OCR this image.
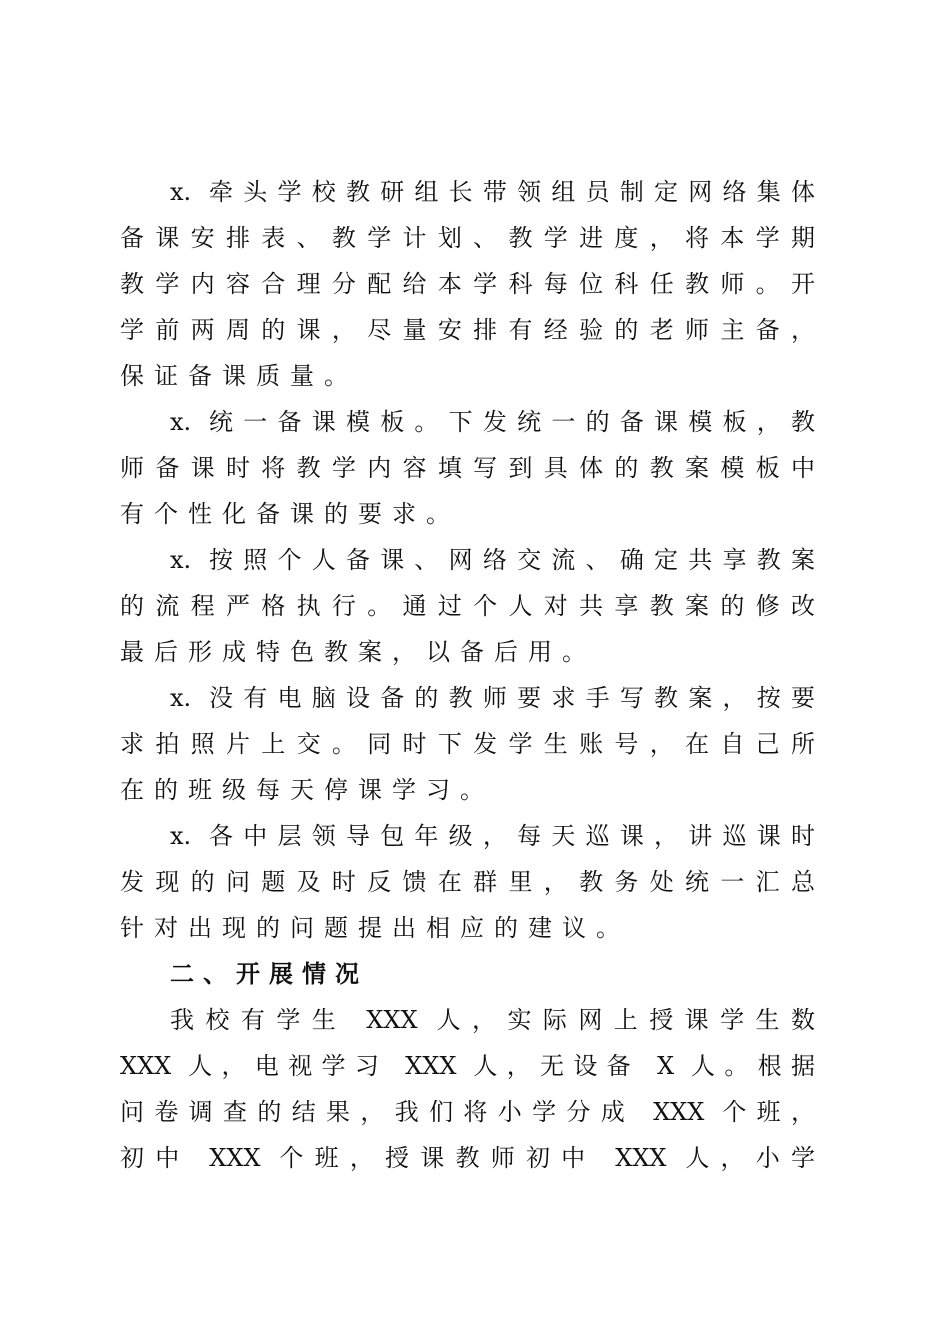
x. 牵头学校教研组长带领组员制定网络集体
备课安排表、教学计划、教学进度，将本学期
教学内容合理分配给本学科每位科任教师。开
学前两周的课，尽量安排有经验的老师主备，
保证备课质量。
x. 统一备课模板。下发统一的备课模板，教
师备课时将教学内容填写到具体的教案模板中
有个性化备课的要求。
x. 按照个人备课、网络交流、确定共享教案
的流程严格执行。通过个人对共享教案的修改
最后形成特色教案，以备后用。
x. 没有电脑设备的教师要求手写教案，按要
求拍照片上交。同时下发学生账号，在自己所
在的班级每天停课学习。
x. 各中层领导包年级，每天巡课，讲巡课时
发现的问题及时反馈在群里，教务处统一汇总
针对出现的问题提出相应的建议。
二、开展情况
我校有学生 XXX 人，实际网上授课学生数
XXX 人，电视学习 XXX 人，无设备 X 人。根据
问卷调查的结果，我们将小学分成 XXX 个班，
初中 XXX 个班，授课教师初中 XXX 人，小学
